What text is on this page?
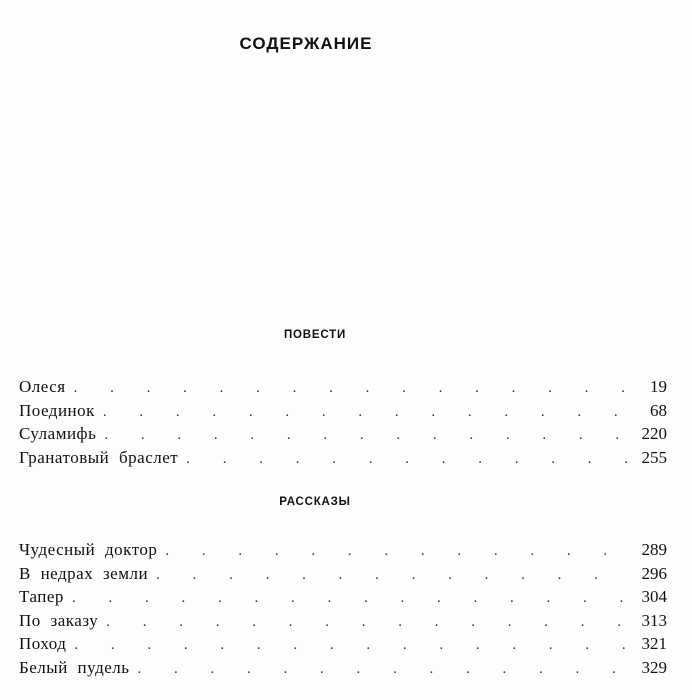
СОДЕРЖАНИЕ
ПОВЕСТИ
Олеся . . .	19
Поединок . . .	68
Суламифь . . .	220
Гранатовый браслет . . .	255
РАССКАЗЫ
Чудесный доктор . . .	289
В недрах земли . . .	296
Тапер . . .	304
По заказу . . .	313
Поход . . .	321
Белый пудель . . .	329
